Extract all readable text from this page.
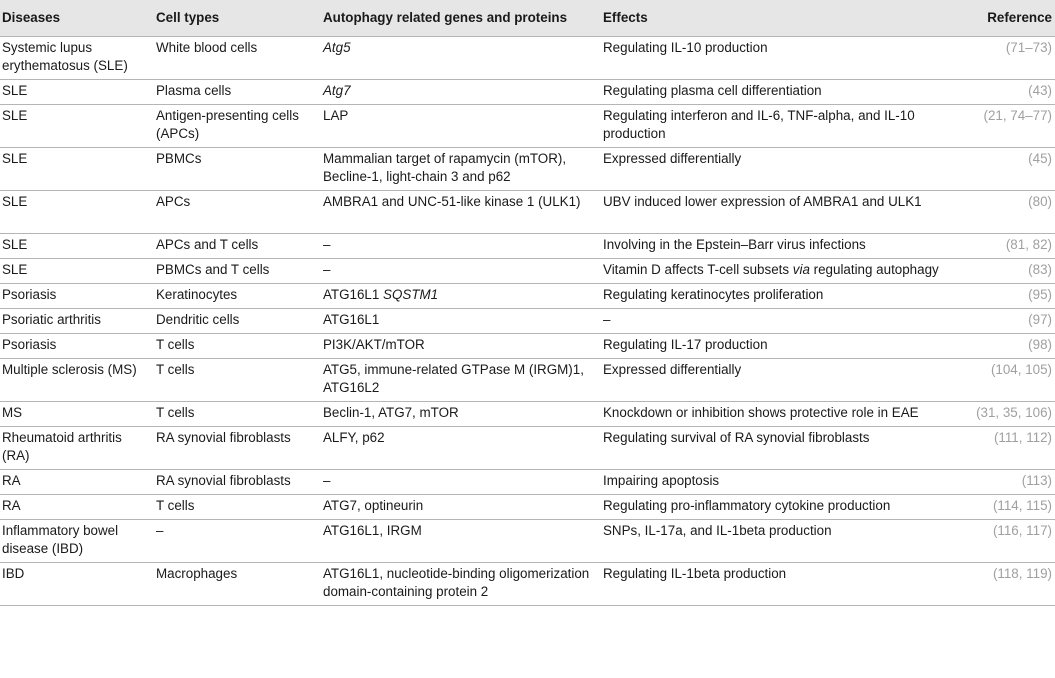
Diseases	Cell types	Autophagy related genes and proteins	Effects	Reference
Systemic lupus erythematosus (SLE)	White blood cells	Atg5	Regulating IL-10 production	(71–73)
SLE	Plasma cells	Atg7	Regulating plasma cell differentiation	(43)
SLE	Antigen-presenting cells (APCs)	LAP	Regulating interferon and IL-6, TNF-alpha, and IL-10 production	(21, 74–77)
SLE	PBMCs	Mammalian target of rapamycin (mTOR), Becline-1, light-chain 3 and p62	Expressed differentially	(45)
SLE	APCs	AMBRA1 and UNC-51-like kinase 1 (ULK1)	UBV induced lower expression of AMBRA1 and ULK1	(80)
SLE	APCs and T cells	–	Involving in the Epstein–Barr virus infections	(81, 82)
SLE	PBMCs and T cells	–	Vitamin D affects T-cell subsets via regulating autophagy	(83)
Psoriasis	Keratinocytes	ATG16L1 SQSTM1	Regulating keratinocytes proliferation	(95)
Psoriatic arthritis	Dendritic cells	ATG16L1	–	(97)
Psoriasis	T cells	PI3K/AKT/mTOR	Regulating IL-17 production	(98)
Multiple sclerosis (MS)	T cells	ATG5, immune-related GTPase M (IRGM)1, ATG16L2	Expressed differentially	(104, 105)
MS	T cells	Beclin-1, ATG7, mTOR	Knockdown or inhibition shows protective role in EAE	(31, 35, 106)
Rheumatoid arthritis (RA)	RA synovial fibroblasts	ALFY, p62	Regulating survival of RA synovial fibroblasts	(111, 112)
RA	RA synovial fibroblasts	–	Impairing apoptosis	(113)
RA	T cells	ATG7, optineurin	Regulating pro-inflammatory cytokine production	(114, 115)
Inflammatory bowel disease (IBD)	–	ATG16L1, IRGM	SNPs, IL-17a, and IL-1beta production	(116, 117)
IBD	Macrophages	ATG16L1, nucleotide-binding oligomerization domain-containing protein 2	Regulating IL-1beta production	(118, 119)
